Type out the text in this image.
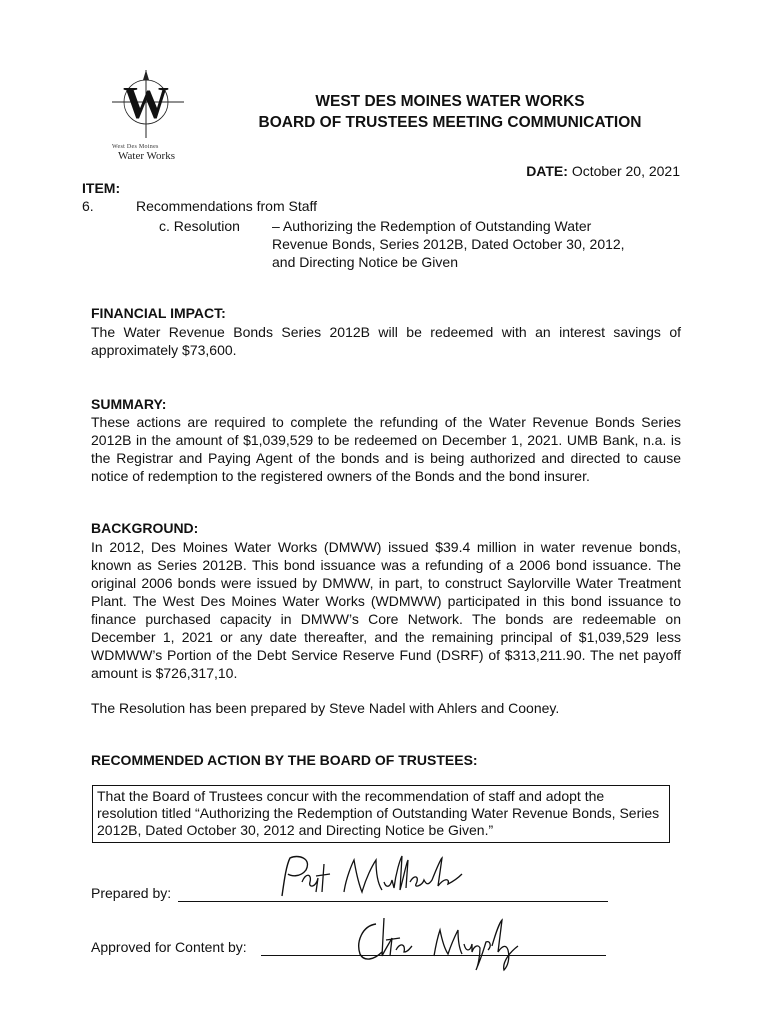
W
West Des Moines
Water Works
WEST DES MOINES WATER WORKS
BOARD OF TRUSTEES MEETING COMMUNICATION
DATE: October 20, 2021
ITEM:
6.	Recommendations from Staff
c. Resolution – Authorizing the Redemption of Outstanding Water
Revenue Bonds, Series 2012B, Dated October 30, 2012,
and Directing Notice be Given
FINANCIAL IMPACT:
The Water Revenue Bonds Series 2012B will be redeemed with an interest savings of approximately $73,600.
SUMMARY:
These actions are required to complete the refunding of the Water Revenue Bonds Series 2012B in the amount of $1,039,529 to be redeemed on December 1, 2021. UMB Bank, n.a. is the Registrar and Paying Agent of the bonds and is being authorized and directed to cause notice of redemption to the registered owners of the Bonds and the bond insurer.
BACKGROUND:
In 2012, Des Moines Water Works (DMWW) issued $39.4 million in water revenue bonds, known as Series 2012B. This bond issuance was a refunding of a 2006 bond issuance. The original 2006 bonds were issued by DMWW, in part, to construct Saylorville Water Treatment Plant. The West Des Moines Water Works (WDMWW) participated in this bond issuance to finance purchased capacity in DMWW’s Core Network. The bonds are redeemable on December 1, 2021 or any date thereafter, and the remaining principal of $1,039,529 less WDMWW’s Portion of the Debt Service Reserve Fund (DSRF) of $313,211.90. The net payoff amount is $726,317,10.
The Resolution has been prepared by Steve Nadel with Ahlers and Cooney.
RECOMMENDED ACTION BY THE BOARD OF TRUSTEES:
That the Board of Trustees concur with the recommendation of staff and adopt the resolution titled “Authorizing the Redemption of Outstanding Water Revenue Bonds, Series 2012B, Dated October 30, 2012 and Directing Notice be Given.”
Prepared by:
Approved for Content by:
